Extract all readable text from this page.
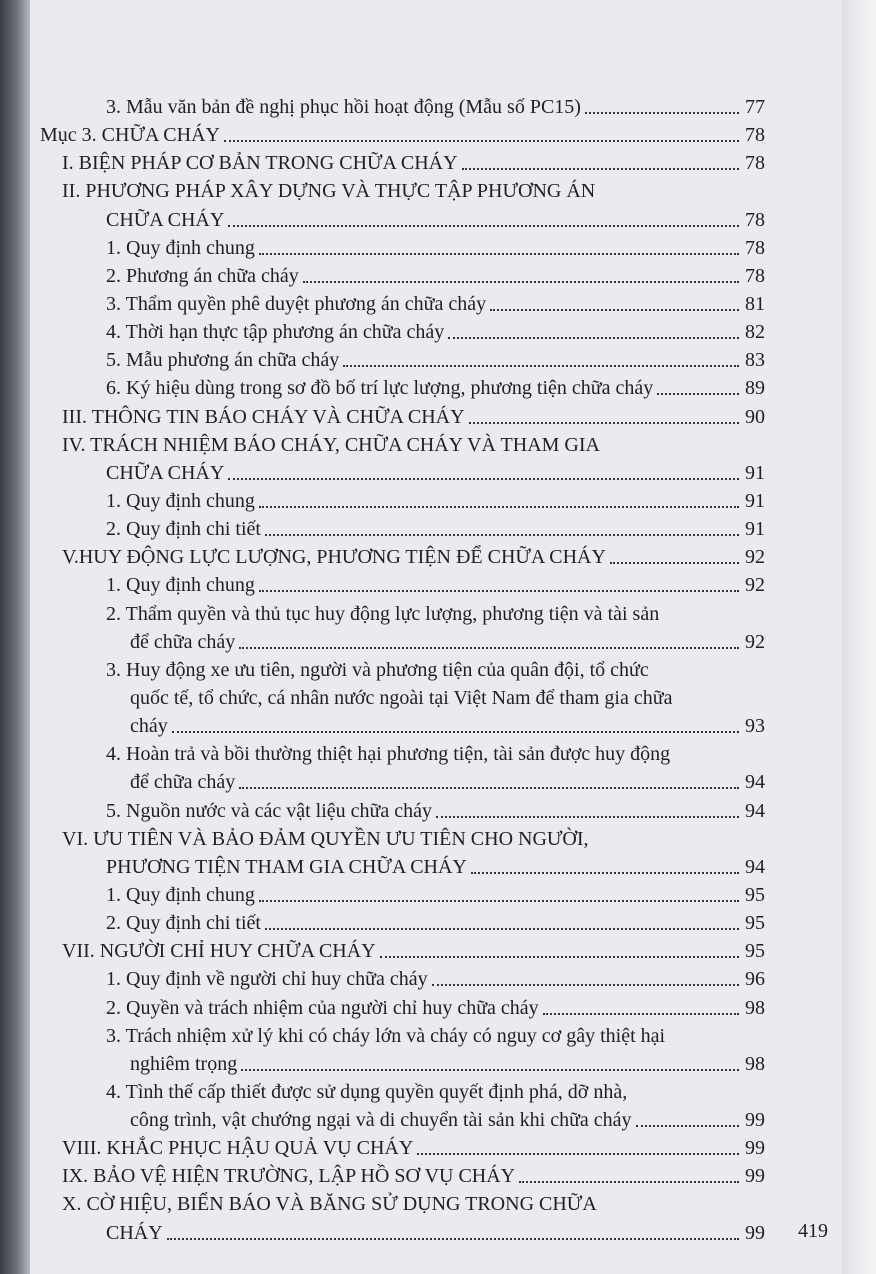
3. Mẫu văn bản đề nghị phục hồi hoạt động (Mẫu số PC15)	77
Mục 3. CHỮA CHÁY	78
I. BIỆN PHÁP CƠ BẢN TRONG CHỮA CHÁY	78
II. PHƯƠNG PHÁP XÂY DỰNG VÀ THỰC TẬP PHƯƠNG ÁN
CHỮA CHÁY	78
1. Quy định chung	78
2. Phương án chữa cháy	78
3. Thẩm quyền phê duyệt phương án chữa cháy	81
4. Thời hạn thực tập phương án chữa cháy	82
5. Mẫu phương án chữa cháy	83
6. Ký hiệu dùng trong sơ đồ bố trí lực lượng, phương tiện chữa cháy	89
III. THÔNG TIN BÁO CHÁY VÀ CHỮA CHÁY	90
IV. TRÁCH NHIỆM BÁO CHÁY, CHỮA CHÁY VÀ THAM GIA
CHỮA CHÁY	91
1. Quy định chung	91
2. Quy định chi tiết	91
V.HUY ĐỘNG LỰC LƯỢNG, PHƯƠNG TIỆN ĐỂ CHỮA CHÁY	92
1. Quy định chung	92
2. Thẩm quyền và thủ tục huy động lực lượng, phương tiện và tài sản
để chữa cháy	92
3. Huy động xe ưu tiên, người và phương tiện của quân đội, tổ chức
quốc tế, tổ chức, cá nhân nước ngoài tại Việt Nam để tham gia chữa
cháy	93
4. Hoàn trả và bồi thường thiệt hại phương tiện, tài sản được huy động
để chữa cháy	94
5. Nguồn nước và các vật liệu chữa cháy	94
VI. ƯU TIÊN VÀ BẢO ĐẢM QUYỀN ƯU TIÊN CHO NGƯỜI,
PHƯƠNG TIỆN THAM GIA CHỮA CHÁY	94
1. Quy định chung	95
2. Quy định chi tiết	95
VII. NGƯỜI CHỈ HUY CHỮA CHÁY	95
1. Quy định về người chỉ huy chữa cháy	96
2. Quyền và trách nhiệm của người chỉ huy chữa cháy	98
3. Trách nhiệm xử lý khi có cháy lớn và cháy có nguy cơ gây thiệt hại
nghiêm trọng	98
4. Tình thế cấp thiết được sử dụng quyền quyết định phá, dỡ nhà,
công trình, vật chướng ngại và di chuyển tài sản khi chữa cháy	99
VIII. KHẮC PHỤC HẬU QUẢ VỤ CHÁY	99
IX. BẢO VỆ HIỆN TRƯỜNG, LẬP HỒ SƠ VỤ CHÁY	99
X. CỜ HIỆU, BIỂN BÁO VÀ BĂNG SỬ DỤNG TRONG CHỮA
CHÁY	99 419
